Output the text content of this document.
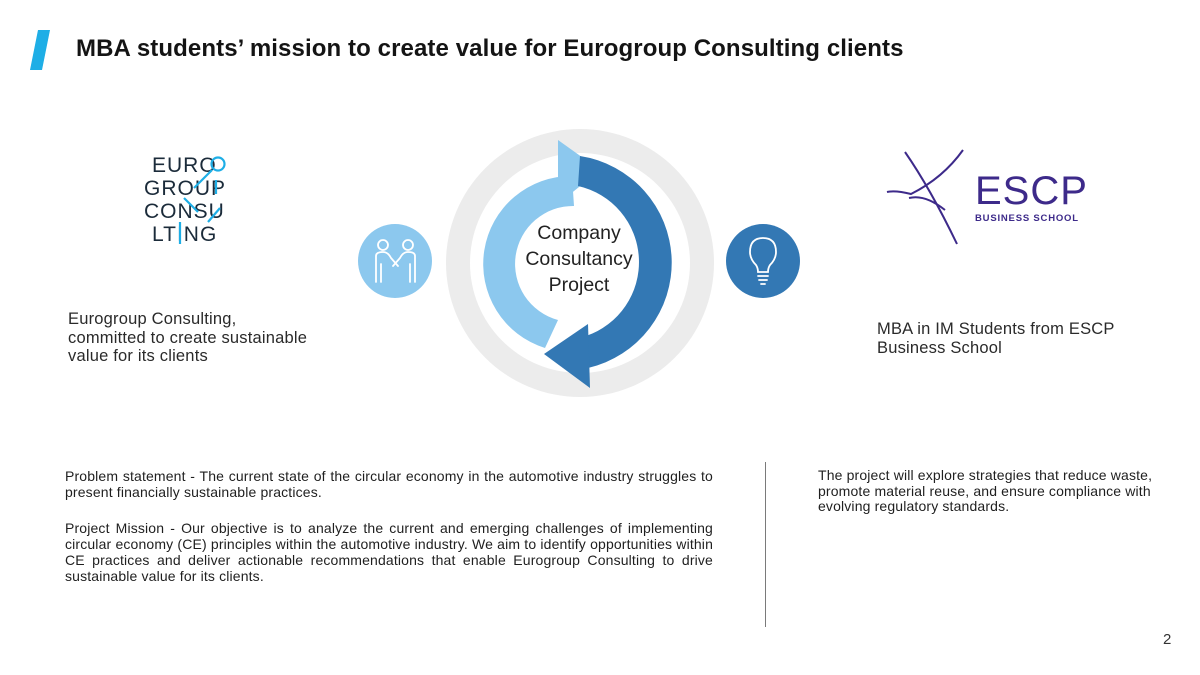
MBA students’ mission to create value for Eurogroup Consulting clients
EURO
GROUP
CONSU
LTING
ESCP
BUSINESS SCHOOL
Eurogroup Consulting, committed to create sustainable value for its clients
MBA in IM Students from ESCP Business School
Company
Consultancy
Project
Problem statement - The current state of the circular economy in the automotive industry struggles to present financially sustainable practices.
Project Mission - Our objective is to analyze the current and emerging challenges of implementing circular economy (CE) principles within the automotive industry. We aim to identify opportunities within CE practices and deliver actionable recommendations that enable Eurogroup Consulting to drive sustainable value for its clients.
The project will explore strategies that reduce waste, promote material reuse, and ensure compliance with evolving regulatory standards.
2
